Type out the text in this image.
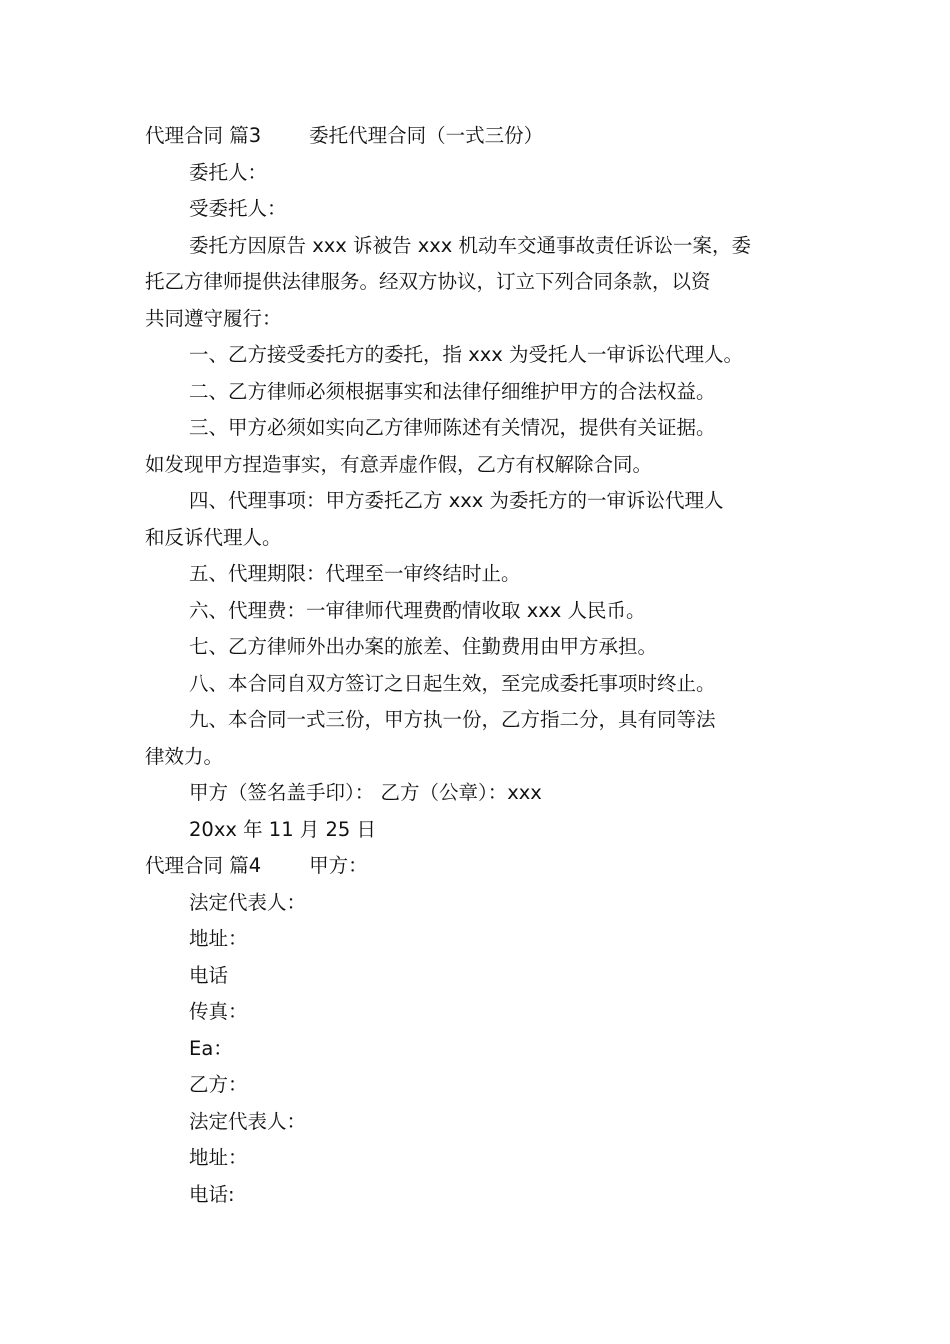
代理合同 篇3 委托代理合同（一式三份）

委托人：

受委托人：

委托方因原告 xxx 诉被告 xxx 机动车交通事故责任诉讼一案，委

托乙方律师提供法律服务。经双方协议，订立下列合同条款，以资

共同遵守履行：

一、乙方接受委托方的委托，指 xxx 为受托人一审诉讼代理人。

二、乙方律师必须根据事实和法律仔细维护甲方的合法权益。

三、甲方必须如实向乙方律师陈述有关情况，提供有关证据。

如发现甲方捏造事实，有意弄虚作假，乙方有权解除合同。

四、代理事项：甲方委托乙方 xxx 为委托方的一审诉讼代理人

和反诉代理人。

五、代理期限：代理至一审终结时止。

六、代理费：一审律师代理费酌情收取 xxx 人民币。

七、乙方律师外出办案的旅差、住勤费用由甲方承担。

八、本合同自双方签订之日起生效，至完成委托事项时终止。

九、本合同一式三份，甲方执一份，乙方指二分，具有同等法

律效力。

甲方（签名盖手印）： 乙方（公章）：xxx

20xx 年 11 月 25 日

代理合同 篇4 甲方：

法定代表人：

地址：

电话

传真：

Ea：

乙方：

法定代表人：

地址：

电话:
